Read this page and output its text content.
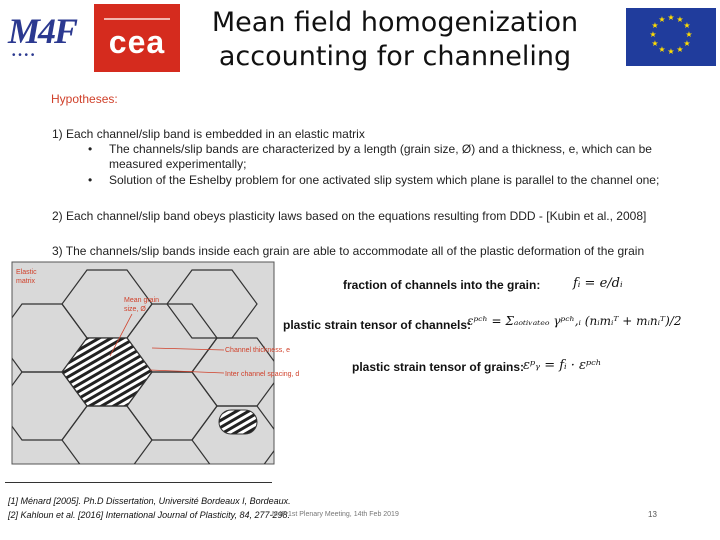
M4F
• • • •	cea
Mean field homogenization
accounting for channeling
★ ★
★
★
★
★
★
★
★
★
★
★
Hypotheses:
1) Each channel/slip band is embedded in an elastic matrix
• The channels/slip bands are characterized by a length (grain size, Ø) and a thickness, e, which can be
measured experimentally;
• Solution of the Eshelby problem for one activated slip system which plane is parallel to the channel one;
2) Each channel/slip band obeys plasticity laws based on the equations resulting from DDD - [Kubin et al., 2008]
3) The channels/slip bands inside each grain are able to accommodate all of the plastic deformation of the grain
Elastic
matrix
Mean grain
size, Ø
Channel thickness, e
Inter channel spacing, d
fraction of channels into the grain:	fᵢ = e/dᵢ
plastic strain tensor of channels:
εᵖᶜʰ = Σₐₒₜᵢᵥₐₜₑₒ γᵖᶜʰ,ᵢ (nᵢmᵢᵀ + mᵢnᵢᵀ)/2
plastic strain tensor of grains:
εᵖᵧ = fᵢ · εᵖᶜʰ
[1] Ménard [2005]. Ph.D Dissertation, Université Bordeaux I, Bordeaux.
[2] Kahloun et al. [2016] International Journal of Plasticity, 84, 277-298.
M4F 1st Plenary Meeting, 14th Feb 2019	13
